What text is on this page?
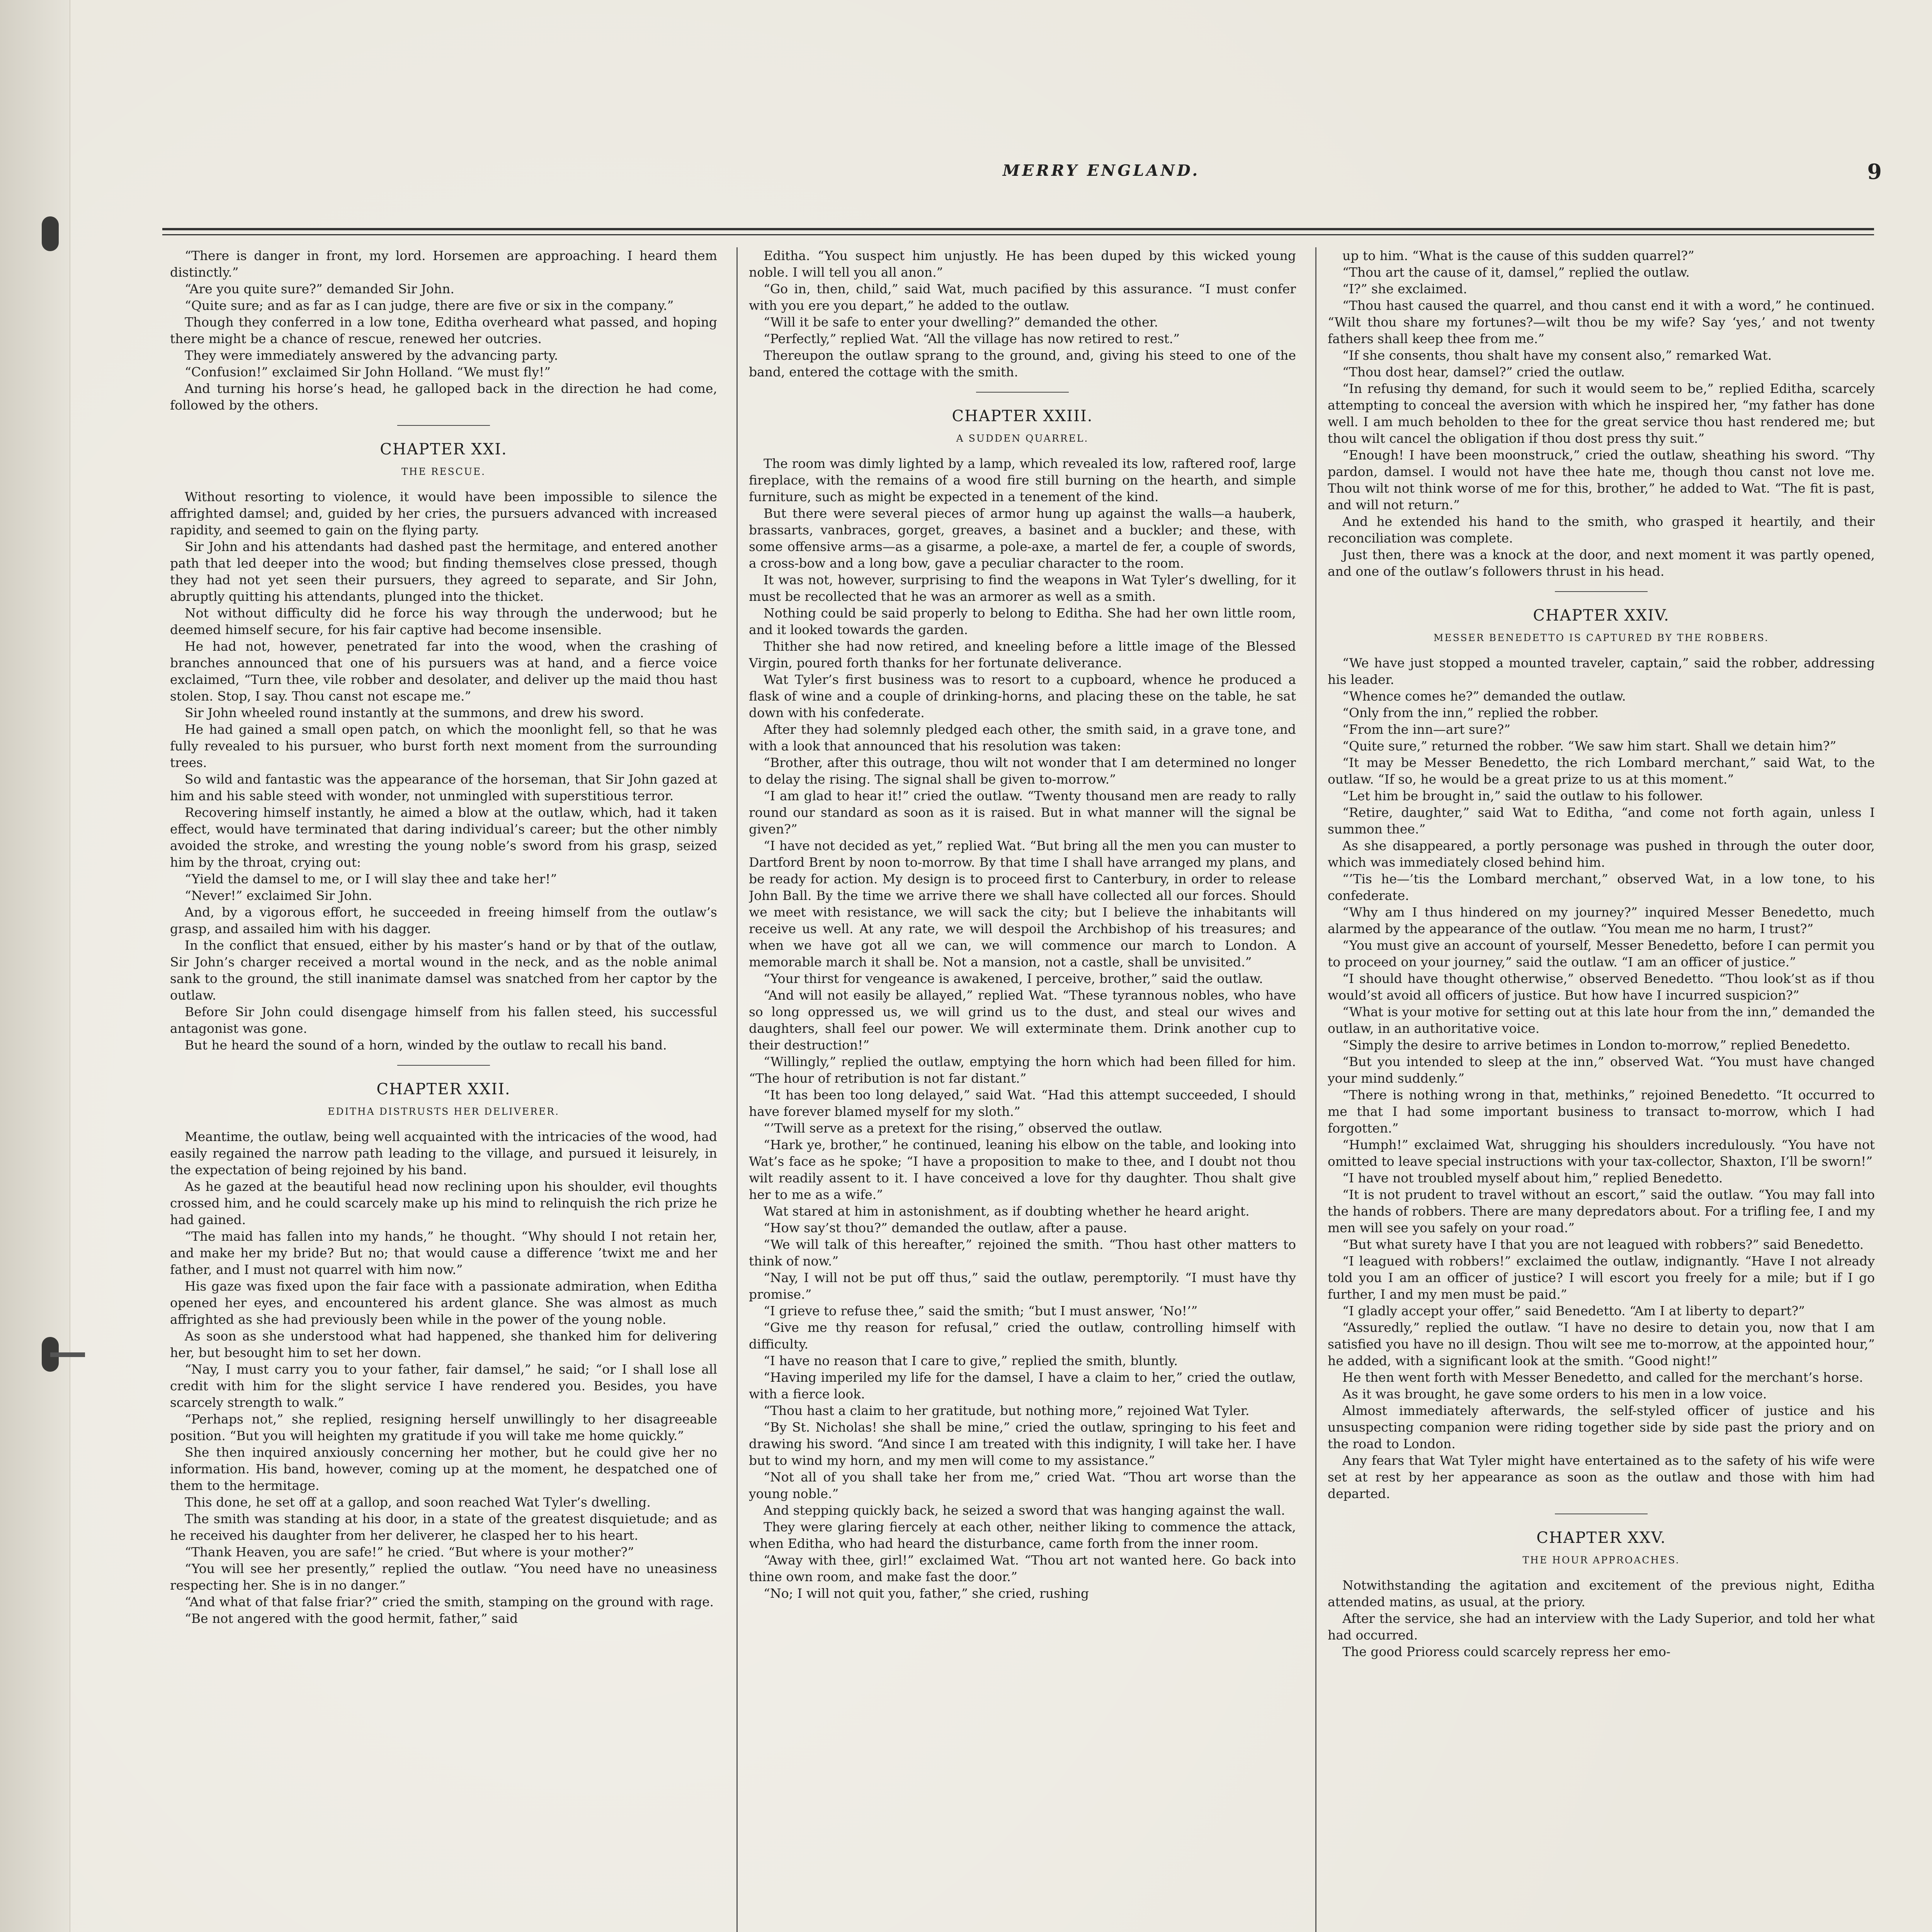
MERRY ENGLAND.	9

“There is danger in front, my lord. Horsemen are approaching. I heard them distinctly.”

“Are you quite sure?” demanded Sir John.

“Quite sure; and as far as I can judge, there are five or six in the company.”

Though they conferred in a low tone, Editha overheard what passed, and hoping there might be a chance of rescue, renewed her outcries.

They were immediately answered by the advancing party.

“Confusion!” exclaimed Sir John Holland. “We must fly!”

And turning his horse’s head, he galloped back in the direction he had come, followed by the others.

CHAPTER XXI.
THE RESCUE.

Without resorting to violence, it would have been impossible to silence the affrighted damsel; and, guided by her cries, the pursuers advanced with increased rapidity, and seemed to gain on the flying party.

Sir John and his attendants had dashed past the hermitage, and entered another path that led deeper into the wood; but finding themselves close pressed, though they had not yet seen their pursuers, they agreed to separate, and Sir John, abruptly quitting his attendants, plunged into the thicket.

Not without difficulty did he force his way through the underwood; but he deemed himself secure, for his fair captive had become insensible.

He had not, however, penetrated far into the wood, when the crashing of branches announced that one of his pursuers was at hand, and a fierce voice exclaimed, “Turn thee, vile robber and desolater, and deliver up the maid thou hast stolen. Stop, I say. Thou canst not escape me.”

Sir John wheeled round instantly at the summons, and drew his sword.

He had gained a small open patch, on which the moonlight fell, so that he was fully revealed to his pursuer, who burst forth next moment from the surrounding trees.

So wild and fantastic was the appearance of the horseman, that Sir John gazed at him and his sable steed with wonder, not unmingled with superstitious terror.

Recovering himself instantly, he aimed a blow at the outlaw, which, had it taken effect, would have terminated that daring individual’s career; but the other nimbly avoided the stroke, and wresting the young noble’s sword from his grasp, seized him by the throat, crying out:

“Yield the damsel to me, or I will slay thee and take her!”

“Never!” exclaimed Sir John.

And, by a vigorous effort, he succeeded in freeing himself from the outlaw’s grasp, and assailed him with his dagger.

In the conflict that ensued, either by his master’s hand or by that of the outlaw, Sir John’s charger received a mortal wound in the neck, and as the noble animal sank to the ground, the still inanimate damsel was snatched from her captor by the outlaw.

Before Sir John could disengage himself from his fallen steed, his successful antagonist was gone.

But he heard the sound of a horn, winded by the outlaw to recall his band.

CHAPTER XXII.
EDITHA DISTRUSTS HER DELIVERER.

Meantime, the outlaw, being well acquainted with the intricacies of the wood, had easily regained the narrow path leading to the village, and pursued it leisurely, in the expectation of being rejoined by his band.

As he gazed at the beautiful head now reclining upon his shoulder, evil thoughts crossed him, and he could scarcely make up his mind to relinquish the rich prize he had gained.

“The maid has fallen into my hands,” he thought. “Why should I not retain her, and make her my bride? But no; that would cause a difference ’twixt me and her father, and I must not quarrel with him now.”

His gaze was fixed upon the fair face with a passionate admiration, when Editha opened her eyes, and encountered his ardent glance. She was almost as much affrighted as she had previously been while in the power of the young noble.

As soon as she understood what had happened, she thanked him for delivering her, but besought him to set her down.

“Nay, I must carry you to your father, fair damsel,” he said; “or I shall lose all credit with him for the slight service I have rendered you. Besides, you have scarcely strength to walk.”

“Perhaps not,” she replied, resigning herself unwillingly to her disagreeable position. “But you will heighten my gratitude if you will take me home quickly.”

She then inquired anxiously concerning her mother, but he could give her no information. His band, however, coming up at the moment, he despatched one of them to the hermitage.

This done, he set off at a gallop, and soon reached Wat Tyler’s dwelling.

The smith was standing at his door, in a state of the greatest disquietude; and as he received his daughter from her deliverer, he clasped her to his heart.

“Thank Heaven, you are safe!” he cried. “But where is your mother?”

“You will see her presently,” replied the outlaw. “You need have no uneasiness respecting her. She is in no danger.”

“And what of that false friar?” cried the smith, stamping on the ground with rage.

“Be not angered with the good hermit, father,” said

Editha. “You suspect him unjustly. He has been duped by this wicked young noble. I will tell you all anon.”

“Go in, then, child,” said Wat, much pacified by this assurance. “I must confer with you ere you depart,” he added to the outlaw.

“Will it be safe to enter your dwelling?” demanded the other.

“Perfectly,” replied Wat. “All the village has now retired to rest.”

Thereupon the outlaw sprang to the ground, and, giving his steed to one of the band, entered the cottage with the smith.

CHAPTER XXIII.
A SUDDEN QUARREL.

The room was dimly lighted by a lamp, which revealed its low, raftered roof, large fireplace, with the remains of a wood fire still burning on the hearth, and simple furniture, such as might be expected in a tenement of the kind.

But there were several pieces of armor hung up against the walls—a hauberk, brassarts, vanbraces, gorget, greaves, a basinet and a buckler; and these, with some offensive arms—as a gisarme, a pole-axe, a martel de fer, a couple of swords, a cross-bow and a long bow, gave a peculiar character to the room.

It was not, however, surprising to find the weapons in Wat Tyler’s dwelling, for it must be recollected that he was an armorer as well as a smith.

Nothing could be said properly to belong to Editha. She had her own little room, and it looked towards the garden.

Thither she had now retired, and kneeling before a little image of the Blessed Virgin, poured forth thanks for her fortunate deliverance.

Wat Tyler’s first business was to resort to a cupboard, whence he produced a flask of wine and a couple of drinking-horns, and placing these on the table, he sat down with his confederate.

After they had solemnly pledged each other, the smith said, in a grave tone, and with a look that announced that his resolution was taken:

“Brother, after this outrage, thou wilt not wonder that I am determined no longer to delay the rising. The signal shall be given to-morrow.”

“I am glad to hear it!” cried the outlaw. “Twenty thousand men are ready to rally round our standard as soon as it is raised. But in what manner will the signal be given?”

“I have not decided as yet,” replied Wat. “But bring all the men you can muster to Dartford Brent by noon to-morrow. By that time I shall have arranged my plans, and be ready for action. My design is to proceed first to Canterbury, in order to release John Ball. By the time we arrive there we shall have collected all our forces. Should we meet with resistance, we will sack the city; but I believe the inhabitants will receive us well. At any rate, we will despoil the Archbishop of his treasures; and when we have got all we can, we will commence our march to London. A memorable march it shall be. Not a mansion, not a castle, shall be unvisited.”

“Your thirst for vengeance is awakened, I perceive, brother,” said the outlaw.

“And will not easily be allayed,” replied Wat. “These tyrannous nobles, who have so long oppressed us, we will grind us to the dust, and steal our wives and daughters, shall feel our power. We will exterminate them. Drink another cup to their destruction!”

“Willingly,” replied the outlaw, emptying the horn which had been filled for him. “The hour of retribution is not far distant.”

“It has been too long delayed,” said Wat. “Had this attempt succeeded, I should have forever blamed myself for my sloth.”

“’Twill serve as a pretext for the rising,” observed the outlaw.

“Hark ye, brother,” he continued, leaning his elbow on the table, and looking into Wat’s face as he spoke; “I have a proposition to make to thee, and I doubt not thou wilt readily assent to it. I have conceived a love for thy daughter. Thou shalt give her to me as a wife.”

Wat stared at him in astonishment, as if doubting whether he heard aright.

“How say’st thou?” demanded the outlaw, after a pause.

“We will talk of this hereafter,” rejoined the smith. “Thou hast other matters to think of now.”

“Nay, I will not be put off thus,” said the outlaw, peremptorily. “I must have thy promise.”

“I grieve to refuse thee,” said the smith; “but I must answer, ‘No!’”

“Give me thy reason for refusal,” cried the outlaw, controlling himself with difficulty.

“I have no reason that I care to give,” replied the smith, bluntly.

“Having imperiled my life for the damsel, I have a claim to her,” cried the outlaw, with a fierce look.

“Thou hast a claim to her gratitude, but nothing more,” rejoined Wat Tyler.

“By St. Nicholas! she shall be mine,” cried the outlaw, springing to his feet and drawing his sword. “And since I am treated with this indignity, I will take her. I have but to wind my horn, and my men will come to my assistance.”

“Not all of you shall take her from me,” cried Wat. “Thou art worse than the young noble.”

And stepping quickly back, he seized a sword that was hanging against the wall.

They were glaring fiercely at each other, neither liking to commence the attack, when Editha, who had heard the disturbance, came forth from the inner room.

“Away with thee, girl!” exclaimed Wat. “Thou art not wanted here. Go back into thine own room, and make fast the door.”

“No; I will not quit you, father,” she cried, rushing

up to him. “What is the cause of this sudden quarrel?”

“Thou art the cause of it, damsel,” replied the outlaw.

“I?” she exclaimed.

“Thou hast caused the quarrel, and thou canst end it with a word,” he continued. “Wilt thou share my fortunes?—wilt thou be my wife? Say ‘yes,’ and not twenty fathers shall keep thee from me.”

“If she consents, thou shalt have my consent also,” remarked Wat.

“Thou dost hear, damsel?” cried the outlaw.

“In refusing thy demand, for such it would seem to be,” replied Editha, scarcely attempting to conceal the aversion with which he inspired her, “my father has done well. I am much beholden to thee for the great service thou hast rendered me; but thou wilt cancel the obligation if thou dost press thy suit.”

“Enough! I have been moonstruck,” cried the outlaw, sheathing his sword. “Thy pardon, damsel. I would not have thee hate me, though thou canst not love me. Thou wilt not think worse of me for this, brother,” he added to Wat. “The fit is past, and will not return.”

And he extended his hand to the smith, who grasped it heartily, and their reconciliation was complete.

Just then, there was a knock at the door, and next moment it was partly opened, and one of the outlaw’s followers thrust in his head.

CHAPTER XXIV.
MESSER BENEDETTO IS CAPTURED BY THE ROBBERS.

“We have just stopped a mounted traveler, captain,” said the robber, addressing his leader.

“Whence comes he?” demanded the outlaw.

“Only from the inn,” replied the robber.

“From the inn—art sure?”

“Quite sure,” returned the robber. “We saw him start. Shall we detain him?”

“It may be Messer Benedetto, the rich Lombard merchant,” said Wat, to the outlaw. “If so, he would be a great prize to us at this moment.”

“Let him be brought in,” said the outlaw to his follower.

“Retire, daughter,” said Wat to Editha, “and come not forth again, unless I summon thee.”

As she disappeared, a portly personage was pushed in through the outer door, which was immediately closed behind him.

“’Tis he—’tis the Lombard merchant,” observed Wat, in a low tone, to his confederate.

“Why am I thus hindered on my journey?” inquired Messer Benedetto, much alarmed by the appearance of the outlaw. “You mean me no harm, I trust?”

“You must give an account of yourself, Messer Benedetto, before I can permit you to proceed on your journey,” said the outlaw. “I am an officer of justice.”

“I should have thought otherwise,” observed Benedetto. “Thou look’st as if thou would’st avoid all officers of justice. But how have I incurred suspicion?”

“What is your motive for setting out at this late hour from the inn,” demanded the outlaw, in an authoritative voice.

“Simply the desire to arrive betimes in London to-morrow,” replied Benedetto.

“But you intended to sleep at the inn,” observed Wat. “You must have changed your mind suddenly.”

“There is nothing wrong in that, methinks,” rejoined Benedetto. “It occurred to me that I had some important business to transact to-morrow, which I had forgotten.”

“Humph!” exclaimed Wat, shrugging his shoulders incredulously. “You have not omitted to leave special instructions with your tax-collector, Shaxton, I’ll be sworn!”

“I have not troubled myself about him,” replied Benedetto.

“It is not prudent to travel without an escort,” said the outlaw. “You may fall into the hands of robbers. There are many depredators about. For a trifling fee, I and my men will see you safely on your road.”

“But what surety have I that you are not leagued with robbers?” said Benedetto.

“I leagued with robbers!” exclaimed the outlaw, indignantly. “Have I not already told you I am an officer of justice? I will escort you freely for a mile; but if I go further, I and my men must be paid.”

“I gladly accept your offer,” said Benedetto. “Am I at liberty to depart?”

“Assuredly,” replied the outlaw. “I have no desire to detain you, now that I am satisfied you have no ill design. Thou wilt see me to-morrow, at the appointed hour,” he added, with a significant look at the smith. “Good night!”

He then went forth with Messer Benedetto, and called for the merchant’s horse.

As it was brought, he gave some orders to his men in a low voice.

Almost immediately afterwards, the self-styled officer of justice and his unsuspecting companion were riding together side by side past the priory and on the road to London.

Any fears that Wat Tyler might have entertained as to the safety of his wife were set at rest by her appearance as soon as the outlaw and those with him had departed.

CHAPTER XXV.
THE HOUR APPROACHES.

Notwithstanding the agitation and excitement of the previous night, Editha attended matins, as usual, at the priory.

After the service, she had an interview with the Lady Superior, and told her what had occurred.

The good Prioress could scarcely repress her emo-
